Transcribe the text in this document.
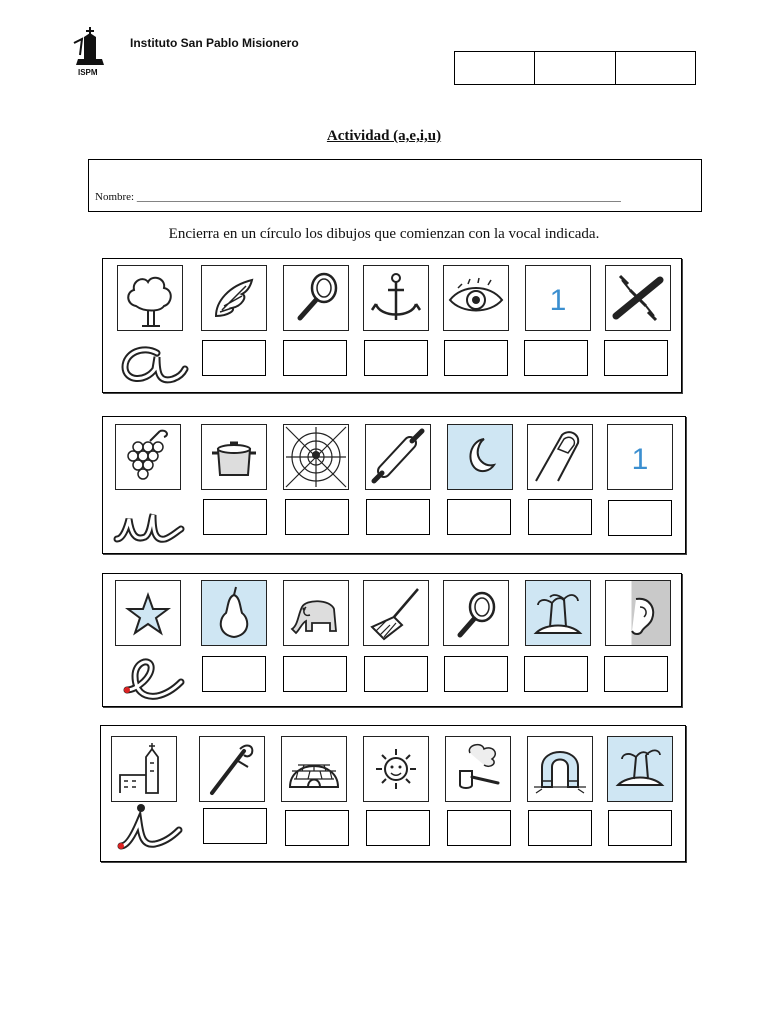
ISPM
Instituto San Pablo Misionero
Actividad (a,e,i,u)
Nombre: ________________________________________________________________________________________
Encierra en un círculo los dibujos que comienzan con la vocal indicada.
1
1
